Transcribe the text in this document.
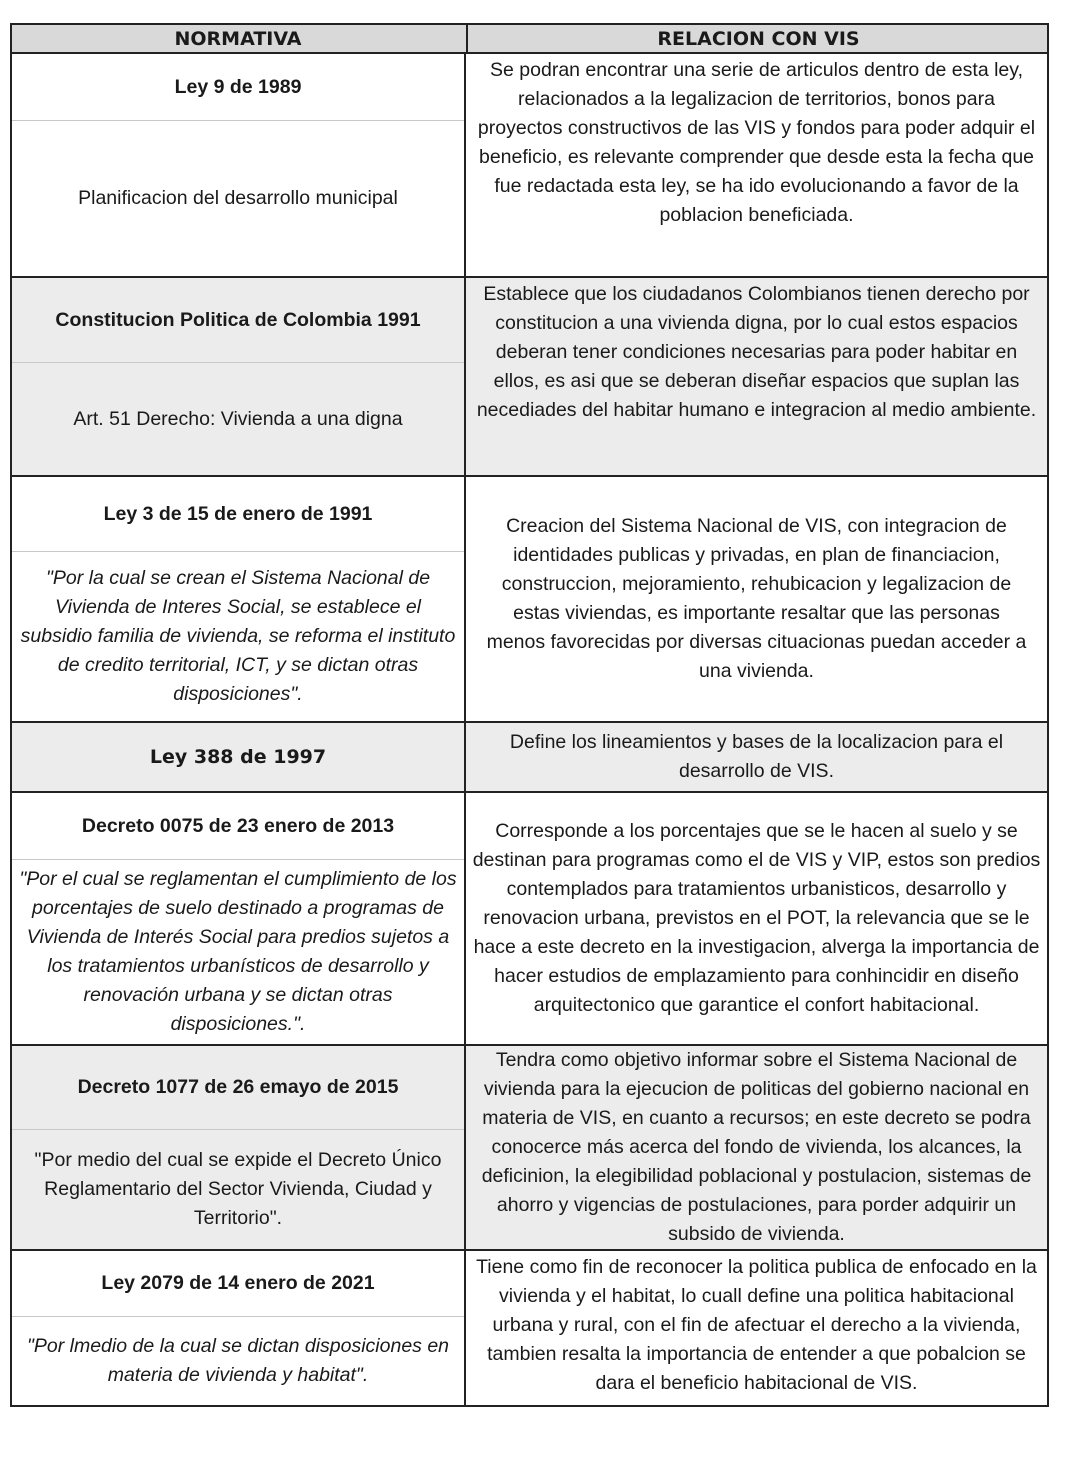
NORMATIVA	RELACION CON VIS
Ley 9 de 1989
Planificacion del desarrollo municipal

Se podran encontrar una serie de articulos dentro de esta ley, relacionados a la legalizacion de territorios, bonos para proyectos constructivos de las VIS y fondos para poder adquir el beneficio, es relevante comprender que desde esta la fecha que fue redactada esta ley, se ha ido evolucionando a favor de la poblacion beneficiada.

Constitucion Politica de Colombia 1991
Art. 51 Derecho: Vivienda a una digna

Establece que los ciudadanos Colombianos tienen derecho por constitucion a una vivienda digna, por lo cual estos espacios deberan tener condiciones necesarias para poder habitar en ellos, es asi que se deberan diseñar espacios que suplan las necediades del habitar humano e integracion al medio ambiente.

Ley 3 de 15 de enero de 1991
"Por la cual se crean el Sistema Nacional de Vivienda de Interes Social, se establece el subsidio familia de vivienda, se reforma el instituto de credito territorial, ICT, y se dictan otras disposiciones".

Creacion del Sistema Nacional de VIS, con integracion de identidades publicas y privadas, en plan de financiacion, construccion, mejoramiento, rehubicacion y legalizacion de estas viviendas, es importante resaltar que las personas menos favorecidas por diversas cituacionas puedan acceder a una vivienda.

Ley 388 de 1997

Define los lineamientos y bases de la localizacion para el desarrollo de VIS.

Decreto 0075 de 23 enero de 2013
"Por el cual se reglamentan el cumplimiento de los porcentajes de suelo destinado a programas de Vivienda de Interés Social para predios sujetos a los tratamientos urbanísticos de desarrollo y renovación urbana y se dictan otras disposiciones.".

Corresponde a los porcentajes que se le hacen al suelo y se destinan para programas como el de VIS y VIP, estos son predios contemplados para tratamientos urbanisticos, desarrollo y renovacion urbana, previstos en el POT, la relevancia que se le hace a este decreto en la investigacion, alverga la importancia de hacer estudios de emplazamiento para conhincidir en diseño arquitectonico que garantice el confort habitacional.

Decreto 1077 de 26 emayo de 2015
"Por medio del cual se expide el Decreto Único Reglamentario del Sector Vivienda, Ciudad y Territorio".

Tendra como objetivo informar sobre el Sistema Nacional de vivienda para la ejecucion de politicas del gobierno nacional en materia de VIS, en cuanto a recursos; en este decreto se podra conocerce más acerca del fondo de vivienda, los alcances, la deficinion, la elegibilidad poblacional y postulacion, sistemas de ahorro y vigencias de postulaciones, para porder adquirir un subsido de vivienda.

Ley 2079 de 14 enero de 2021
"Por lmedio de la cual se dictan disposiciones en materia de vivienda y habitat".

Tiene como fin de reconocer la politica publica de enfocado en la vivienda y el habitat, lo cuall define una politica habitacional urbana y rural, con el fin de afectuar el derecho a la vivienda, tambien resalta la importancia de entender a que pobalcion se dara el beneficio habitacional de VIS.
